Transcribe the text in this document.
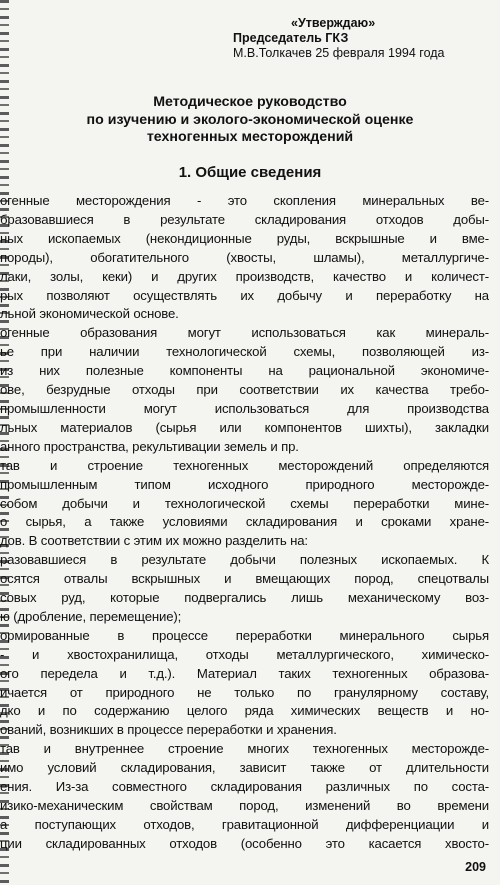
«Утверждаю»
Председатель ГКЗ
М.В.Толкачев 25 февраля 1994 года
Методическое руководство
по изучению и эколого-экономической оценке
техногенных месторождений
1. Общие сведения
огенные месторождения - это скопления минеральных ве-
бразовавшиеся в результате складирования отходов добы-
ных ископаемых (некондиционные руды, вскрышные и вме-
породы), обогатительного (хвосты, шламы), металлургиче-
лаки, золы, кеки) и других производств, качество и количест-
рых позволяют осуществлять их добычу и переработку на
льной экономической основе.
огенные образования могут использоваться как минераль-
ье при наличии технологической схемы, позволяющей из-
из них полезные компоненты на рациональной экономиче-
ове, безрудные отходы при соответствии их качества требо-
промышленности могут использоваться для производства
льных материалов (сырья или компонентов шихты), закладки
анного пространства, рекультивации земель и пр.
тав и строение техногенных месторождений определяются
промышленным типом исходного природного месторожде-
собом добычи и технологической схемы переработки мине-
о сырья, а также условиями складирования и сроками хране-
дов. В соответствии с этим их можно разделить на:
разовавшиеся в результате добычи полезных ископаемых. К
осятся отвалы вскрышных и вмещающих пород, спецотвалы
совых руд, которые подвергались лишь механическому воз-
ю (дробление, перемещение);
ормированные в процессе переработки минерального сырья
- и хвостохранилища, отходы металлургического, химическо-
ого передела и т.д.). Материал таких техногенных образова-
ичается от природного не только по гранулярному составу,
дко и по содержанию целого ряда химических веществ и но-
ований, возникших в процессе переработки и хранения.
тав и внутреннее строение многих техногенных месторожде-
имо условий складирования, зависит также от длительности
ения. Из-за совместного складирования различных по соста-
изико-механическим свойствам пород, изменений во времени
а поступающих отходов, гравитационной дифференциации и
ции складированных отходов (особенно это касается хвосто-
209
